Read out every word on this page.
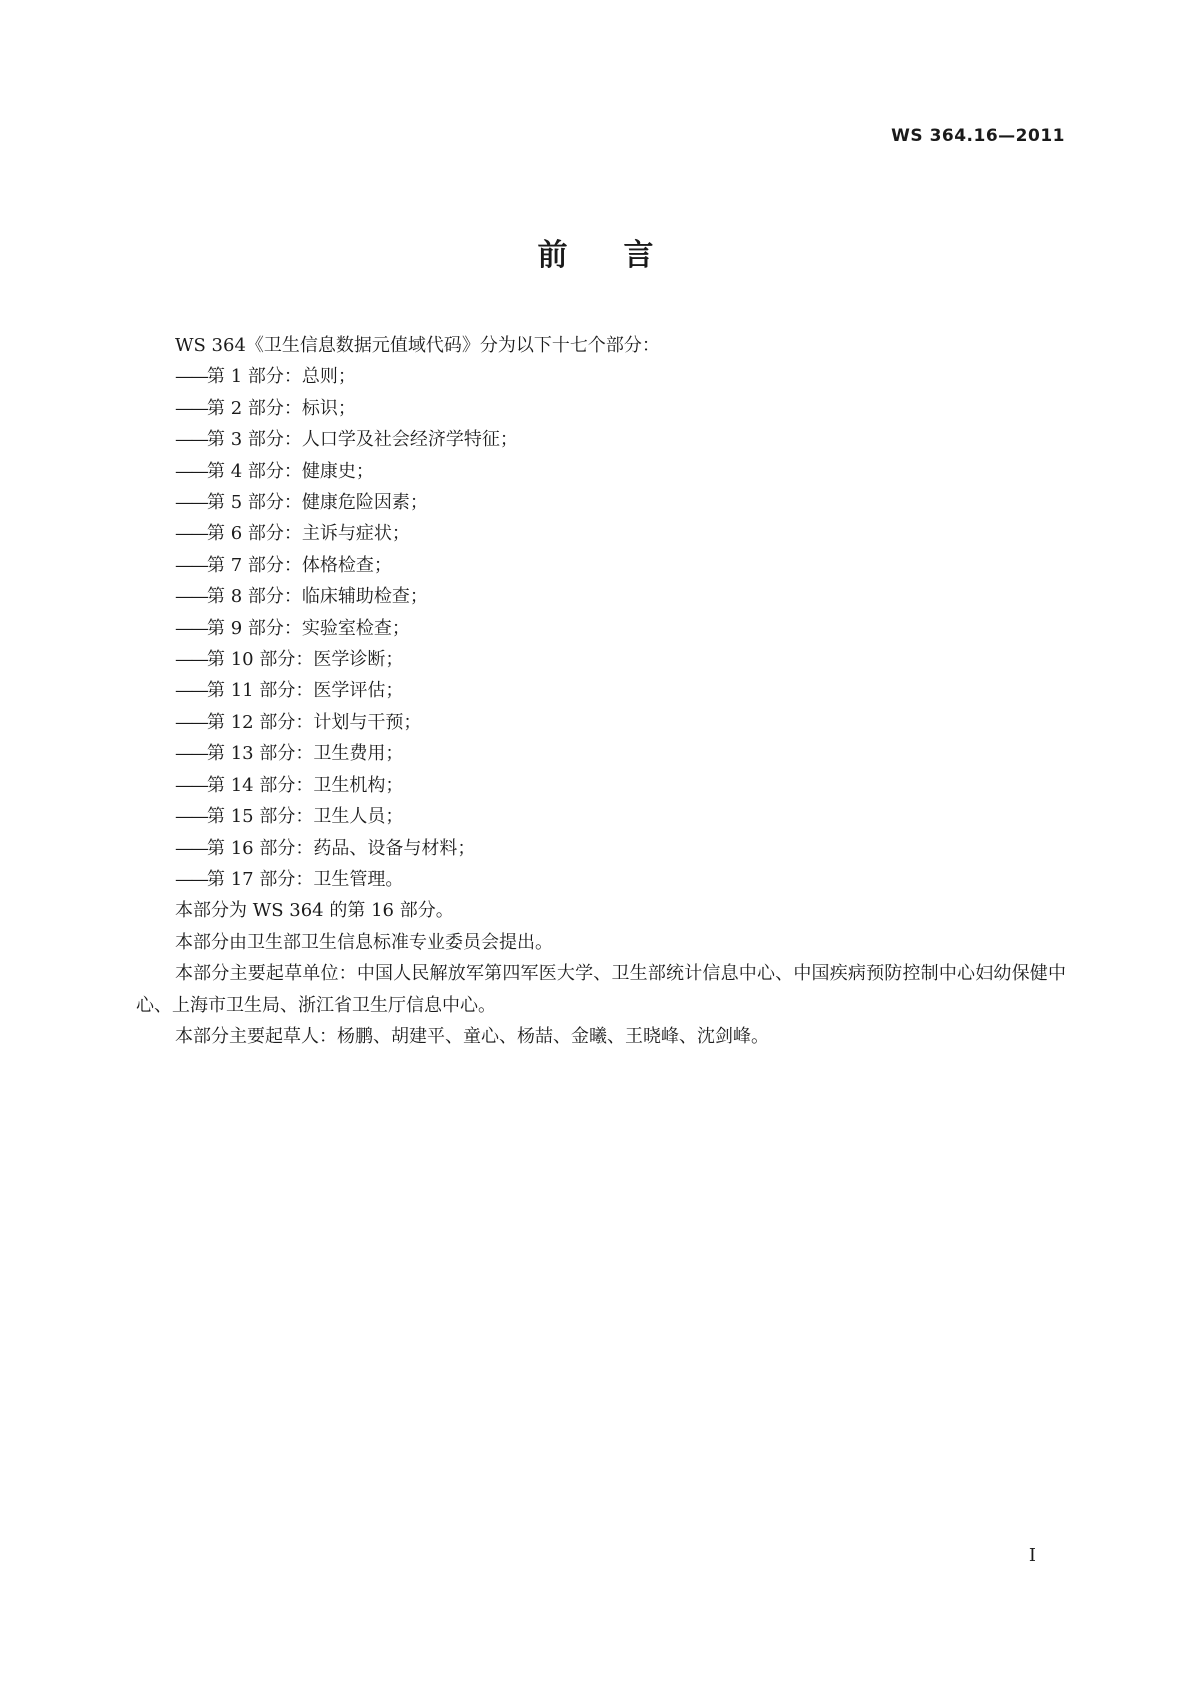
WS 364.16—2011
前言

WS 364《卫生信息数据元值域代码》分为以下十七个部分：

——第 1 部分：总则；

——第 2 部分：标识；

——第 3 部分：人口学及社会经济学特征；

——第 4 部分：健康史；

——第 5 部分：健康危险因素；

——第 6 部分：主诉与症状；

——第 7 部分：体格检查；

——第 8 部分：临床辅助检查；

——第 9 部分：实验室检查；

——第 10 部分：医学诊断；

——第 11 部分：医学评估；

——第 12 部分：计划与干预；

——第 13 部分：卫生费用；

——第 14 部分：卫生机构；

——第 15 部分：卫生人员；

——第 16 部分：药品、设备与材料；

——第 17 部分：卫生管理。

本部分为 WS 364 的第 16 部分。

本部分由卫生部卫生信息标准专业委员会提出。

本部分主要起草单位：中国人民解放军第四军医大学、卫生部统计信息中心、中国疾病预防控制中心妇幼保健中心、上海市卫生局、浙江省卫生厅信息中心。

本部分主要起草人：杨鹏、胡建平、童心、杨喆、金曦、王晓峰、沈剑峰。

I
